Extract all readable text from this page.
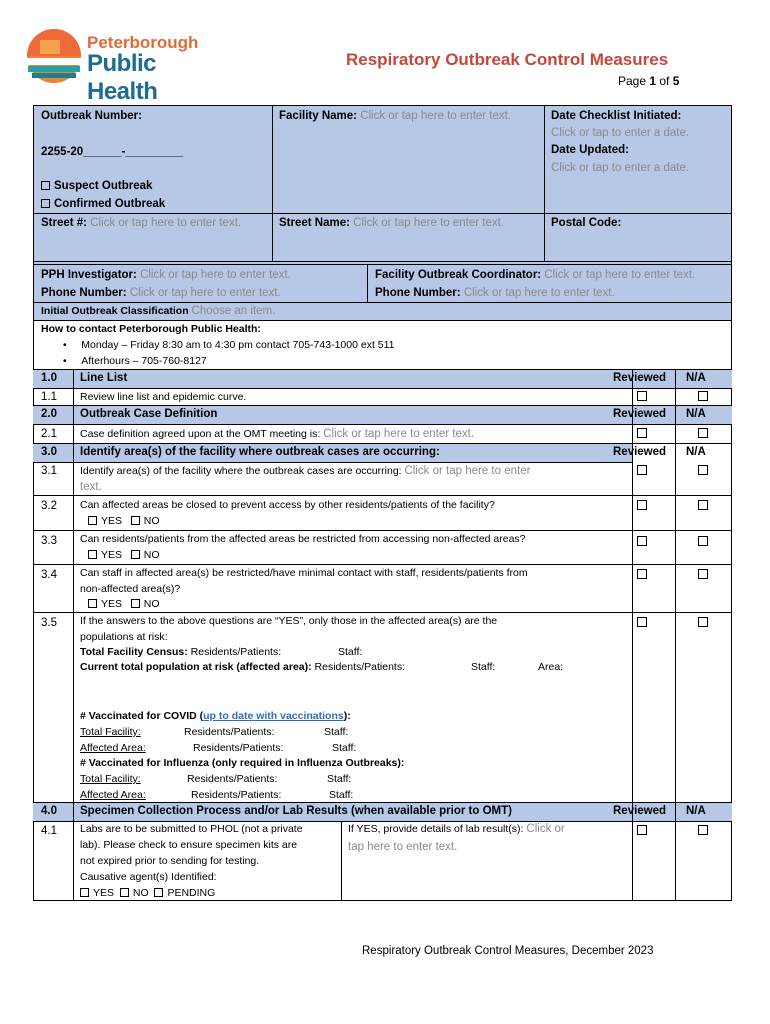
Peterborough
Public Health
Respiratory Outbreak Control Measures
Page 1 of 5
Outbreak Number:
2255-20______-_________
Suspect Outbreak
Confirmed Outbreak
Facility Name: Click or tap here to enter text.	Date Checklist Initiated:
Click or tap to enter a date.
Date Updated:
Click or tap to enter a date.
Street #: Click or tap here to enter text.	Street Name: Click or tap here to enter text.	Postal Code:
PPH Investigator: Click or tap here to enter text.
Phone Number: Click or tap here to enter text.
Facility Outbreak Coordinator: Click or tap here to enter text.
Phone Number: Click or tap here to enter text.
Initial Outbreak Classification Choose an item.
How to contact Peterborough Public Health:
•     Monday – Friday 8:30 am to 4:30 pm contact 705-743-1000 ext 511
•     Afterhours – 705-760-8127
1.0 Line List	Reviewed N/A
1.1 Review line list and epidemic curve.
2.0 Outbreak Case Definition	Reviewed N/A
2.1 Case definition agreed upon at the OMT meeting is: Click or tap here to enter text.
3.0 Identify area(s) of the facility where outbreak cases are occurring:	Reviewed N/A
3.1 Identify area(s) of the facility where the outbreak cases are occurring: Click or tap here to enter
text.
3.2 Can affected areas be closed to prevent access by other residents/patients of the facility?
YES NO
3.3 Can residents/patients from the affected areas be restricted from accessing non-affected areas?
YES NO
3.4 Can staff in affected area(s) be restricted/have minimal contact with staff, residents/patients from
non-affected area(s)?
YES NO
3.5 If the answers to the above questions are “YES”, only those in the affected area(s) are the
populations at risk:
Total Facility Census: Residents/Patients:	Staff:
Current total population at risk (affected area): Residents/Patients:	Staff:	Area:
# Vaccinated for COVID (up to date with vaccinations):
Total Facility:	Residents/Patients:	Staff:
Affected Area:	Residents/Patients:	Staff:
# Vaccinated for Influenza (only required in Influenza Outbreaks):
Total Facility:	Residents/Patients:	Staff:
Affected Area:	Residents/Patients:	Staff:
4.0 Specimen Collection Process and/or Lab Results (when available prior to OMT)	Reviewed N/A
4.1 Labs are to be submitted to PHOL (not a private
lab). Please check to ensure specimen kits are
not expired prior to sending for testing.
Causative agent(s) Identified:
YES NO PENDING
If YES, provide details of lab result(s): Click or
tap here to enter text.
Respiratory Outbreak Control Measures, December 2023
